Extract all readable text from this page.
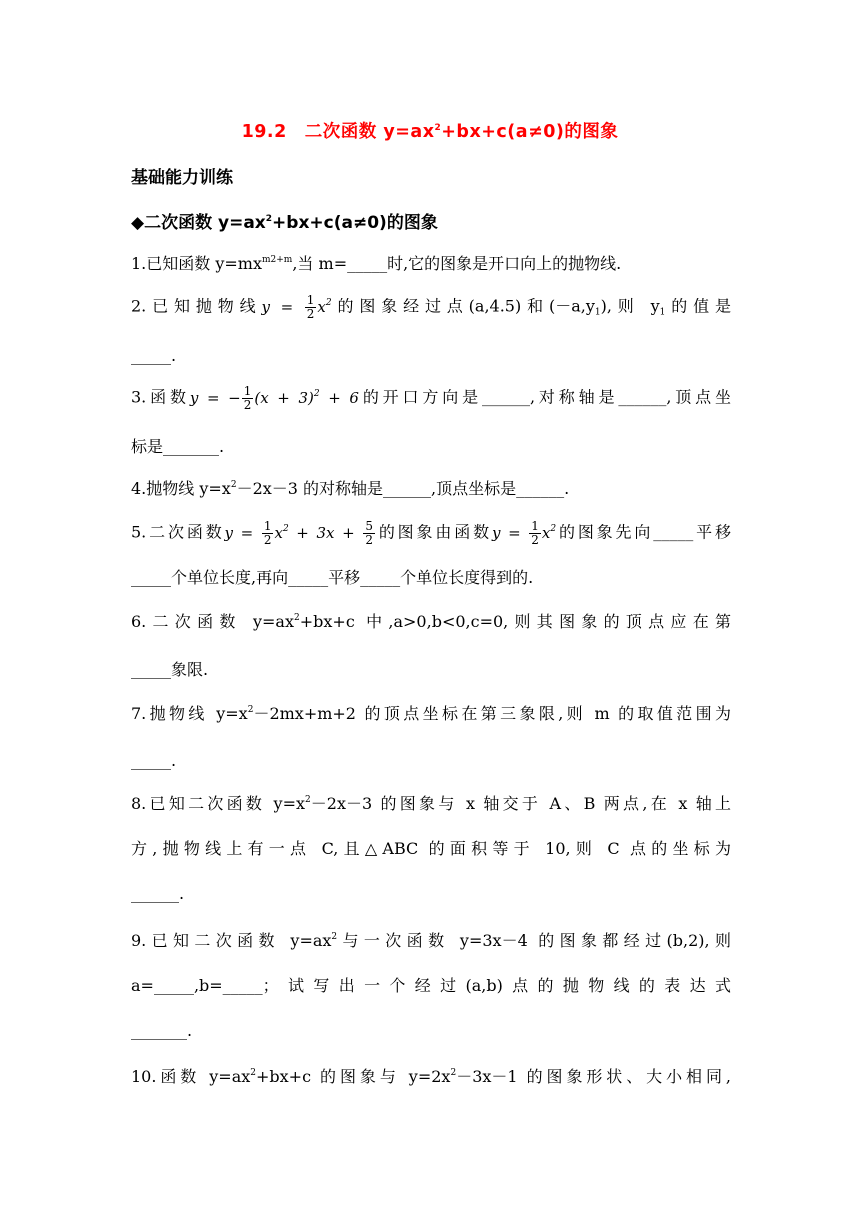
19.2　二次函数 $y=ax^2+bx+c(a\ne 0)$的图象
基础能力训练
◆二次函数 $y=ax^2+bx+c(a\ne 0)$的图象
1.已知函数 $y=mx^{m2+m}$,当 m=_____时,它的图象是开口向上的抛物线.
2.已知抛物线$y = \frac{1}{2} x^2$的图象经过点(a,4.5)和$(-a,y_1)$,则 $y_1$的值是
_____.
3.函数y = − $\frac{1}{2} (x + 3)^2 + 6$的开口方向是______,对称轴是______,顶点坐
标是_______.
4.抛物线 $y=x^2-2x-3$ 的对称轴是______,顶点坐标是______.
5.二次函数$y = \frac{1}{2} x^2 + 3x + \frac{5}{2}$ 的图象由函数$y = \frac{1}{2} x^2$的图象先向_____平移
_____个单位长度,再向_____平移_____个单位长度得到的.
6.二次函数 $y=ax^2+bx+c$ 中,a>0,b<0,c=0,则其图象的顶点应在第
_____象限.
7.抛物线 $y=x^2-2mx+m+2$ 的顶点坐标在第三象限,则 m 的取值范围为
_____.
8.已知二次函数 $y=x^2-2x-3$ 的图象与 x 轴交于 A、B 两点,在 x 轴上
方,抛物线上有一点 C,且△ABC 的面积等于 10,则 C 点的坐标为
______.
9.已知二次函数 $y=ax^2$与一次函数 y=3x－4 的图象都经过(b,2),则
a=_____,b=_____；试写出一个经过(a,b)点的抛物线的表达式
_______.
10.函数 $y=ax^2+bx+c$ 的图象与 $y=2x^2-3x-1$ 的图象形状、大小相同,
